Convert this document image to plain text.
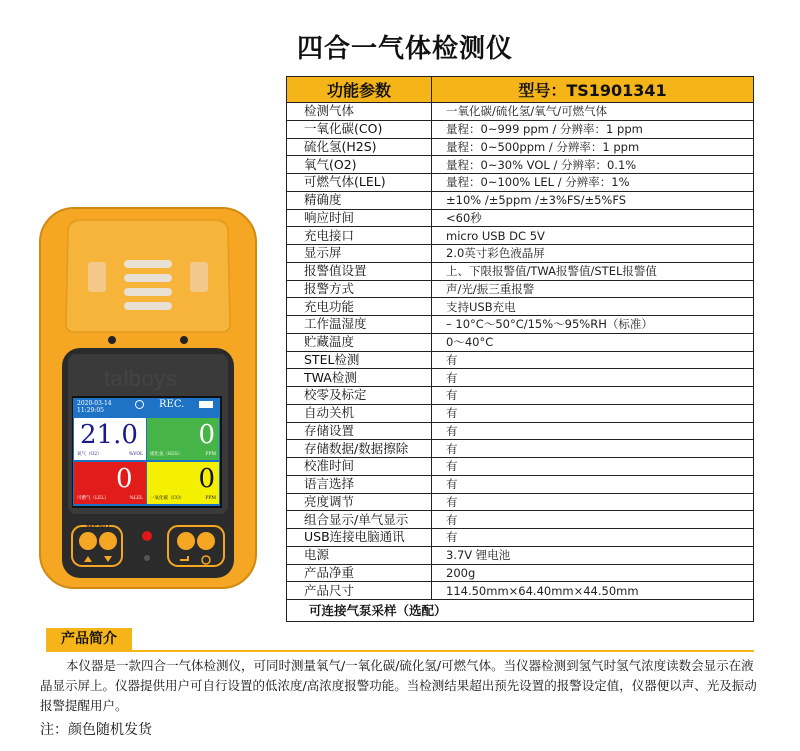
四合一气体检测仪
功能参数	型号：TS1901341
检测气体	一氧化碳/硫化氢/氧气/可燃气体
一氧化碳(CO)	量程：0~999 ppm / 分辨率：1 ppm
硫化氢(H2S)	量程：0~500ppm / 分辨率：1 ppm
氧气(O2)	量程：0~30% VOL / 分辨率：0.1%
可燃气体(LEL)	量程：0~100% LEL / 分辨率：1%
精确度	±10% /±5ppm /±3%FS/±5%FS
响应时间	<60秒
充电接口	micro USB DC 5V
显示屏	2.0英寸彩色液晶屏
报警值设置	上、下限报警值/TWA报警值/STEL报警值
报警方式	声/光/振三重报警
充电功能	支持USB充电
工作温湿度	– 10°C〜50°C/15%〜95%RH（标准）
贮藏温度	0〜40°C
STEL检测	有
TWA检测	有
校零及标定	有
自动关机	有
存储设置	有
存储数据/数据擦除	有
校准时间	有
语言选择	有
亮度调节	有
组合显示/单气显示	有
USB连接电脑通讯	有
电源	3.7V 锂电池
产品净重	200g
产品尺寸	114.50mm×64.40mm×44.50mm
可连接气泵采样（选配）	
talboys
2020-03-14
11:29:05
REC.
21.0
氧气（O2）	%VOL
0
硫化氢（H2S）	PPM
0
可燃气（LEL）	%LEL
0
一氧化碳（CO）	PPM
MENU
产品简介

本仪器是一款四合一气体检测仪，可同时测量氧气/一氧化碳/硫化氢/可燃气体。当仪器检测到氢气时氢气浓度读数会显示在液晶显示屏上。仪器提供用户可自行设置的低浓度/高浓度报警功能。当检测结果超出预先设置的报警设定值，仪器便以声、光及振动报警提醒用户。

注：颜色随机发货
